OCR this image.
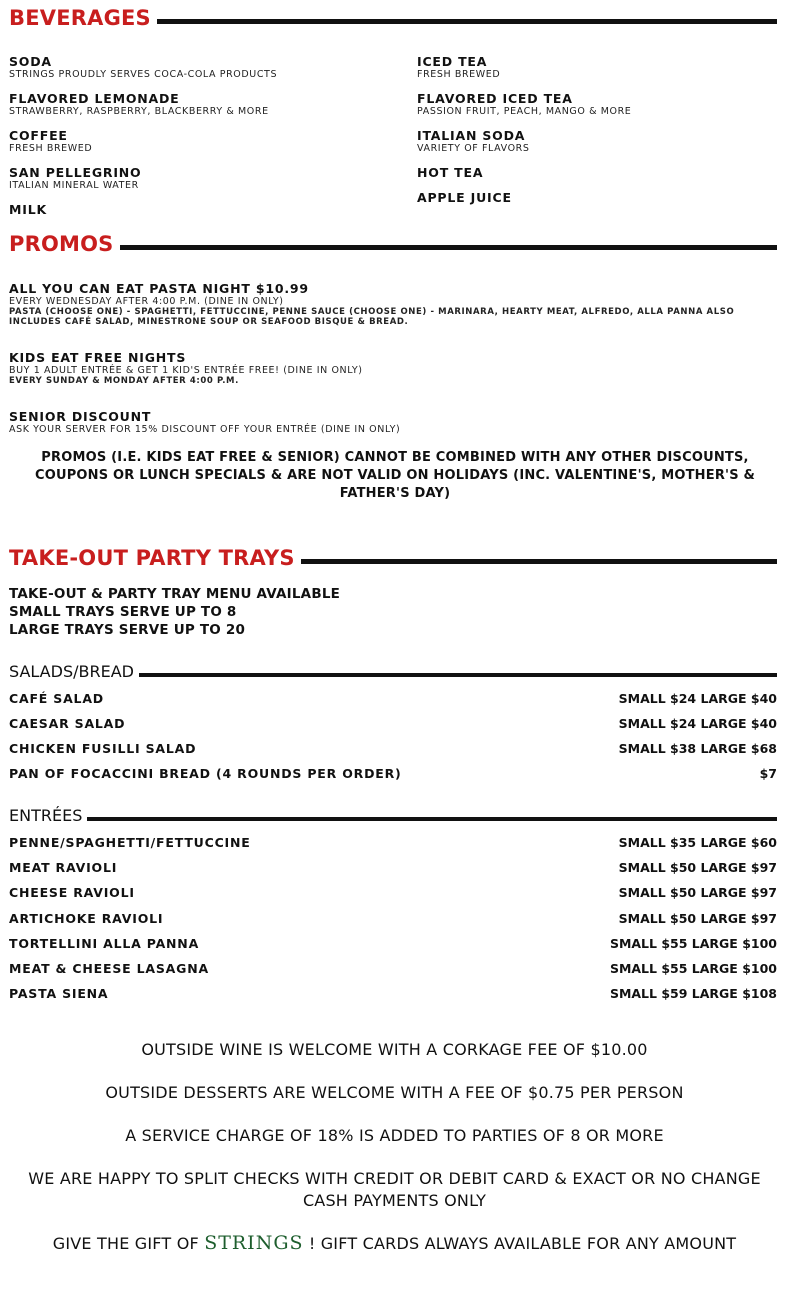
BEVERAGES
SODA
STRINGS PROUDLY SERVES COCA-COLA PRODUCTS
FLAVORED LEMONADE
STRAWBERRY, RASPBERRY, BLACKBERRY & MORE
COFFEE
FRESH BREWED
SAN PELLEGRINO
ITALIAN MINERAL WATER
MILK
ICED TEA
FRESH BREWED
FLAVORED ICED TEA
PASSION FRUIT, PEACH, MANGO & MORE
ITALIAN SODA
VARIETY OF FLAVORS
HOT TEA
APPLE JUICE
PROMOS
ALL YOU CAN EAT PASTA NIGHT $10.99
EVERY WEDNESDAY AFTER 4:00 P.M. (DINE IN ONLY)
PASTA (CHOOSE ONE) - SPAGHETTI, FETTUCCINE, PENNE SAUCE (CHOOSE ONE) - MARINARA, HEARTY MEAT, ALFREDO, ALLA PANNA ALSO INCLUDES CAFÉ SALAD, MINESTRONE SOUP OR SEAFOOD BISQUE & BREAD.
KIDS EAT FREE NIGHTS
BUY 1 ADULT ENTRÉE & GET 1 KID'S ENTRÉE FREE! (DINE IN ONLY)
EVERY SUNDAY & MONDAY AFTER 4:00 P.M.
SENIOR DISCOUNT
ASK YOUR SERVER FOR 15% DISCOUNT OFF YOUR ENTRÉE (DINE IN ONLY)
PROMOS (I.E. KIDS EAT FREE & SENIOR) CANNOT BE COMBINED WITH ANY OTHER DISCOUNTS, COUPONS OR LUNCH SPECIALS & ARE NOT VALID ON HOLIDAYS (INC. VALENTINE'S, MOTHER'S & FATHER'S DAY)
TAKE-OUT PARTY TRAYS
TAKE-OUT & PARTY TRAY MENU AVAILABLE
SMALL TRAYS SERVE UP TO 8
LARGE TRAYS SERVE UP TO 20
SALADS/BREAD
CAFÉ SALAD	SMALL $24 LARGE $40
CAESAR SALAD	SMALL $24 LARGE $40
CHICKEN FUSILLI SALAD	SMALL $38 LARGE $68
PAN OF FOCACCINI BREAD (4 ROUNDS PER ORDER)	$7
ENTRÉES
PENNE/SPAGHETTI/FETTUCCINE	SMALL $35 LARGE $60
MEAT RAVIOLI	SMALL $50 LARGE $97
CHEESE RAVIOLI	SMALL $50 LARGE $97
ARTICHOKE RAVIOLI	SMALL $50 LARGE $97
TORTELLINI ALLA PANNA	SMALL $55 LARGE $100
MEAT & CHEESE LASAGNA	SMALL $55 LARGE $100
PASTA SIENA	SMALL $59 LARGE $108
OUTSIDE WINE IS WELCOME WITH A CORKAGE FEE OF $10.00
OUTSIDE DESSERTS ARE WELCOME WITH A FEE OF $0.75 PER PERSON
A SERVICE CHARGE OF 18% IS ADDED TO PARTIES OF 8 OR MORE
WE ARE HAPPY TO SPLIT CHECKS WITH CREDIT OR DEBIT CARD & EXACT OR NO CHANGE CASH PAYMENTS ONLY
GIVE THE GIFT OF STRINGS ! GIFT CARDS ALWAYS AVAILABLE FOR ANY AMOUNT
